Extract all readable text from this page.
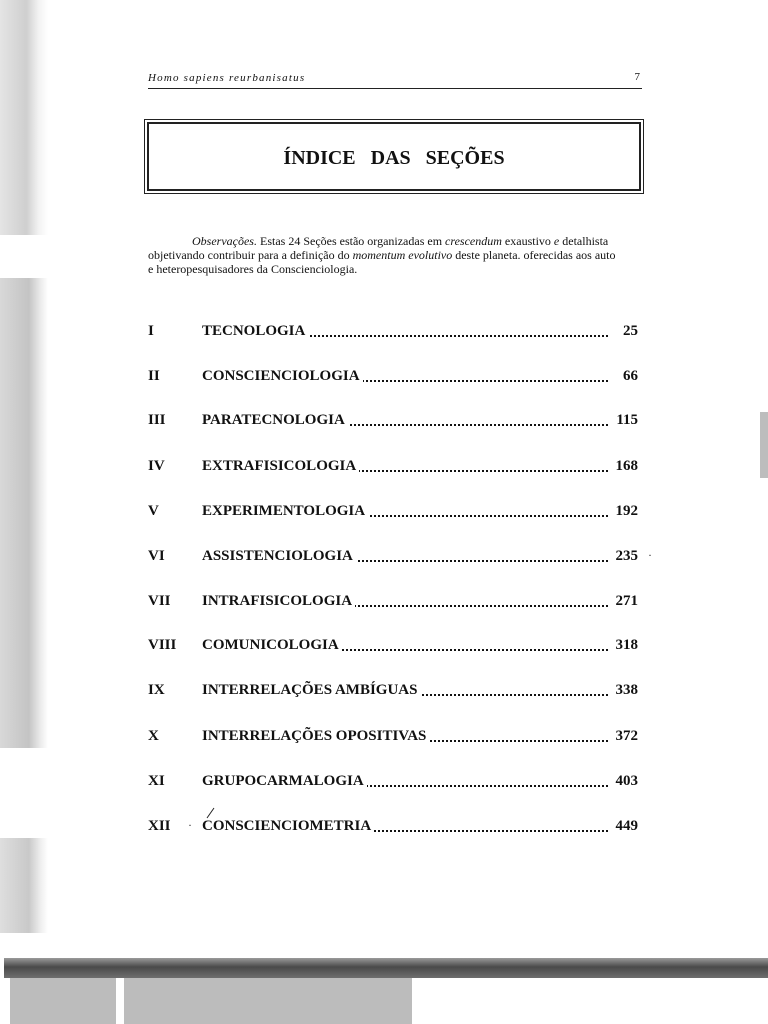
Homo sapiens reurbanisatus	7
ÍNDICE DAS SEÇÕES
Observações. Estas 24 Seções estão organizadas em crescendum exaustivo e detalhista
objetivando contribuir para a definição do momentum evolutivo deste planeta. oferecidas aos auto
e heteropesquisadores da Conscienciologia.
I	TECNOLOGIA	25
II	CONSCIENCIOLOGIA	66
III PARATECNOLOGIA	115
IV EXTRAFISICOLOGIA	168
V	EXPERIMENTOLOGIA	192
VI ASSISTENCIOLOGIA	235
VII INTRAFISICOLOGIA	271
VIII COMUNICOLOGIA	318
IX INTERRELAÇÕES AMBÍGUAS	338
X	INTERRELAÇÕES OPOSITIVAS	372
XI GRUPOCARMALOGIA	403
XII CONSCIENCIOMETRIA	449
·
·
